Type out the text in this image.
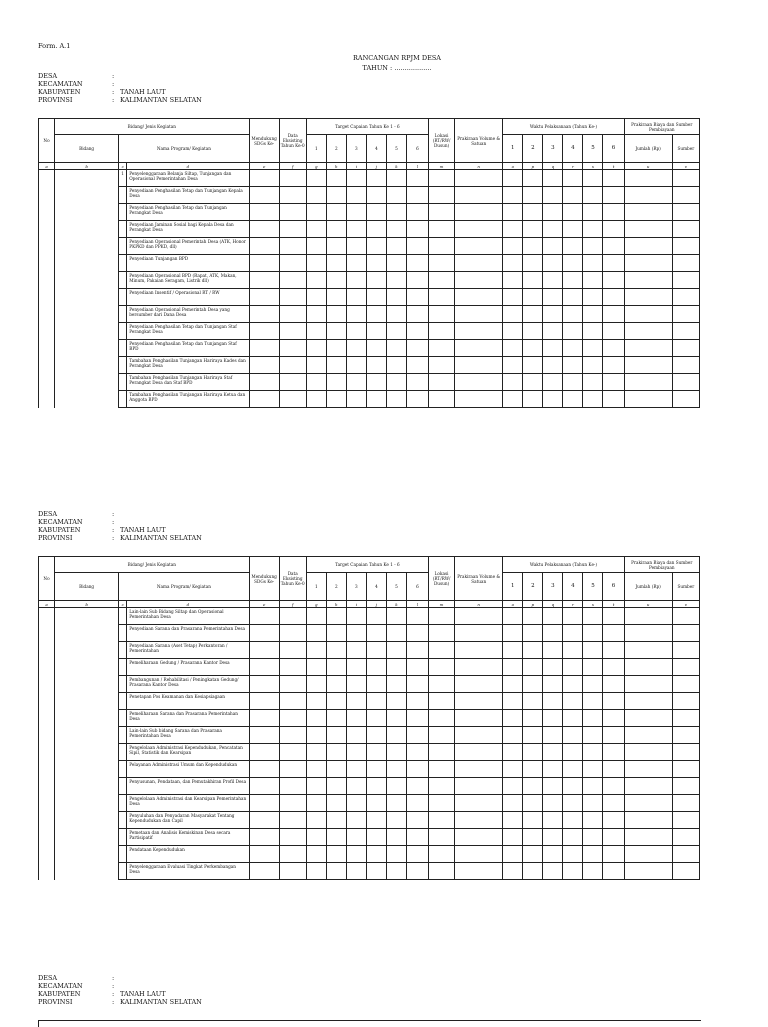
Form. A.1
RANCANGAN RPJM DESA
TAHUN : ..................
DESA	:
KECAMATAN	:
KABUPATEN	: TANAH LAUT
PROVINSI	: KALIMANTAN SELATAN
DESA	:
KECAMATAN	:
KABUPATEN	: TANAH LAUT
PROVINSI	: KALIMANTAN SELATAN
DESA	:
KECAMATAN	:
KABUPATEN	: TANAH LAUT
PROVINSI	: KALIMANTAN SELATAN
No	Bidang/ Jenis Kegiatan			Mendukung SDGs Ke-	Data Eksisting Tahun Ke-0	Target Capaian Tahun Ke 1 - 6						Lokasi (RT/RW/ Dusun)	Prakiraan Volume & Satuan	Waktu Pelaksanaan (Tahun Ke-)						Prakiraan Biaya dan Sumber Pembiayaan	
	Bidang	Nama Program/ Kegiatan				1	2	3	4	5	6			1	2	3	4	5	6	Jumlah (Rp)	Sumber
a	b	c	d	e	f	g	h	i	j	k	l	m	n	o	p	q	r	s	t	u	v
		1	Penyelenggaraan Belanja Siltap, Tunjangan dan Operasional Pemerintahan Desa																		
			Penyediaan Penghasilan Tetap dan Tunjangan Kepala Desa																		
			Penyediaan Penghasilan Tetap dan Tunjangan Perangkat Desa																		
			Penyediaan Jaminan Sosial bagi Kepala Desa dan Perangkat Desa																		
			Penyediaan Operasional Pemerintah Desa (ATK, Honor PKPKD dan PPKD, dll)																		
			Penyediaan Tunjangan BPD																		
			Penyediaan Operasional BPD (Rapat, ATK, Makan, Minum, Pakaian Seragam, Listrik dll)																		
			Penyediaan Insentif / Operasional RT / RW																		
			Penyediaan Operasional Pemerintah Desa yang bersumber dari Dana Desa																		
			Penyediaan Penghasilan Tetap dan Tunjangan Staf Perangkat Desa																		
			Penyediaan Penghasilan Tetap dan Tunjangan Staf BPD																		
			Tambahan Penghasilan Tunjangan Hariraya Kades dan Perangkat Desa																		
			Tambahan Penghasilan Tunjangan Hariraya Staf Perangkat Desa dan Staf BPD																		
			Tambahan Penghasilan Tunjangan Hariraya Ketua dan Anggota BPD																		
No	Bidang/ Jenis Kegiatan			Mendukung SDGs Ke-	Data Eksisting Tahun Ke-0	Target Capaian Tahun Ke 1 - 6						Lokasi (RT/RW/ Dusun)	Prakiraan Volume & Satuan	Waktu Pelaksanaan (Tahun Ke-)						Prakiraan Biaya dan Sumber Pembiayaan	
	Bidang	Nama Program/ Kegiatan				1	2	3	4	5	6			1	2	3	4	5	6	Jumlah (Rp)	Sumber
a	b	c	d	e	f	g	h	i	j	k	l	m	n	o	p	q	r	s	t	u	v
			Lain-lain Sub Bidang Siltap dan Operasional Pemerintahan Desa																		
			Penyediaan Sarana dan Prasarana Pemerintahan Desa																		
			Penyediaan Sarana (Aset Tetap) Perkantoran / Pemerintahan																		
			Pemeliharaan Gedung / Prasarana Kantor Desa																		
			Pembangunan / Rehabilitasi / Peningkatan Gedung/ Prasarana Kantor Desa																		
			Penetapan Pos Keamanan dan Kesiapsiagaan																		
			Pemeliharaan Sarana dan Prasarana Pemerintahan Desa																		
			Lain-lain Sub bidang Sarana dan Prasarana Pemerintahan Desa																		
			Pengelolaan Administrasi Kependudukan, Pencatatan Sipil, Statistik dan Kearsipan																		
			Pelayanan Administrasi Umum dan Kependudukan																		
			Penyusunan, Pendataan, dan Pemutakhiran Profil Desa																		
			Pengelolaan Administrasi dan Kearsipan Pemerintahan Desa																		
			Penyuluhan dan Penyadaran Masyarakat Tentang Kependudukan dan Capil																		
			Pemetaan dan Analisis Kemiskinan Desa secara Partisipatif																		
			Pendataan Kependudukan																		
			Penyelenggaraan Evaluasi Tingkat Perkembangan Desa																		
